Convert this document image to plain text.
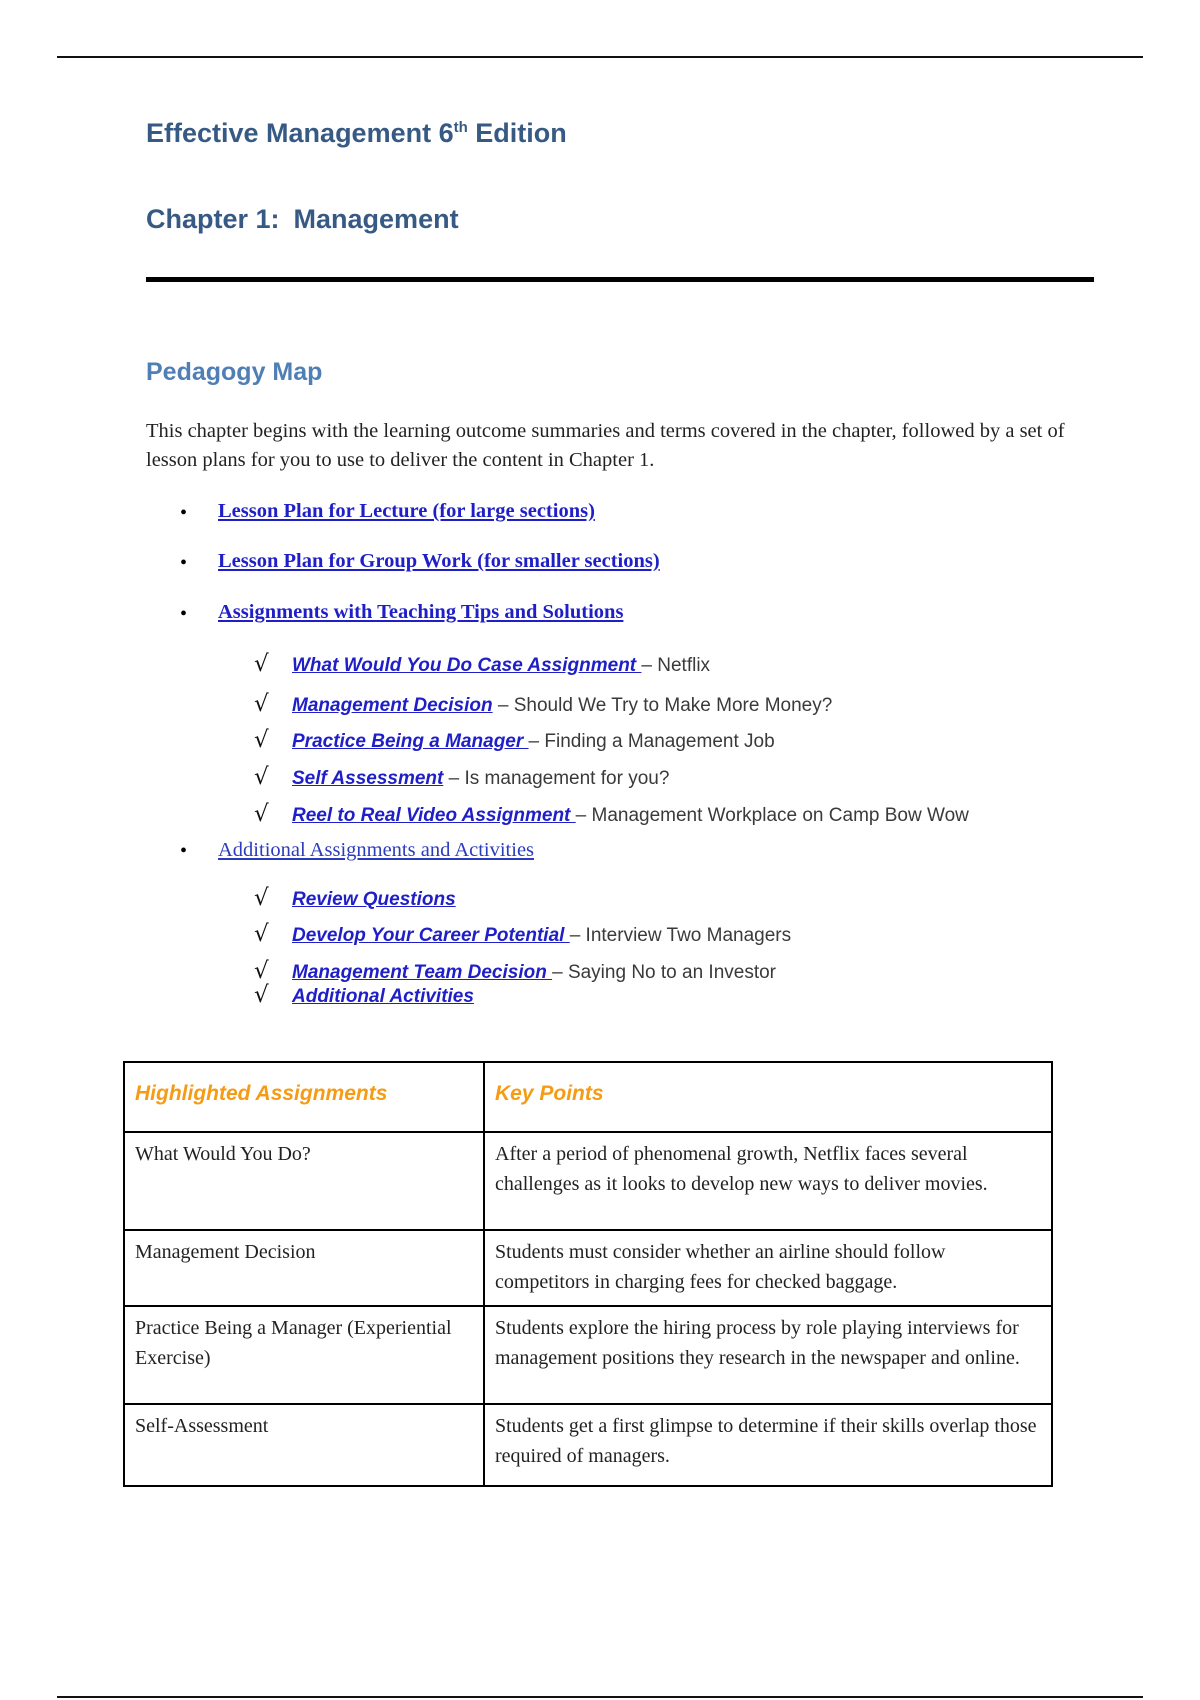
Effective Management 6th Edition
Chapter 1: Management
Pedagogy Map

This chapter begins with the learning outcome summaries and terms covered in the chapter, followed by a set of lesson plans for you to use to deliver the content in Chapter 1.

• Lesson Plan for Lecture (for large sections)
• Lesson Plan for Group Work (for smaller sections)
• Assignments with Teaching Tips and Solutions
√ What Would You Do Case Assignment – Netflix
√ Management Decision – Should We Try to Make More Money?
√ Practice Being a Manager – Finding a Management Job
√ Self Assessment – Is management for you?
√ Reel to Real Video Assignment – Management Workplace on Camp Bow Wow
• Additional Assignments and Activities
√ Review Questions
√ Develop Your Career Potential – Interview Two Managers
√ Management Team Decision – Saying No to an Investor
√ Additional Activities
Highlighted Assignments	Key Points
What Would You Do?	After a period of phenomenal growth, Netflix faces several challenges as it looks to develop new ways to deliver movies.
Management Decision	Students must consider whether an airline should follow competitors in charging fees for checked baggage.
Practice Being a Manager (Experiential Exercise)	Students explore the hiring process by role playing interviews for management positions they research in the newspaper and online.
Self-Assessment	Students get a first glimpse to determine if their skills overlap those required of managers.
